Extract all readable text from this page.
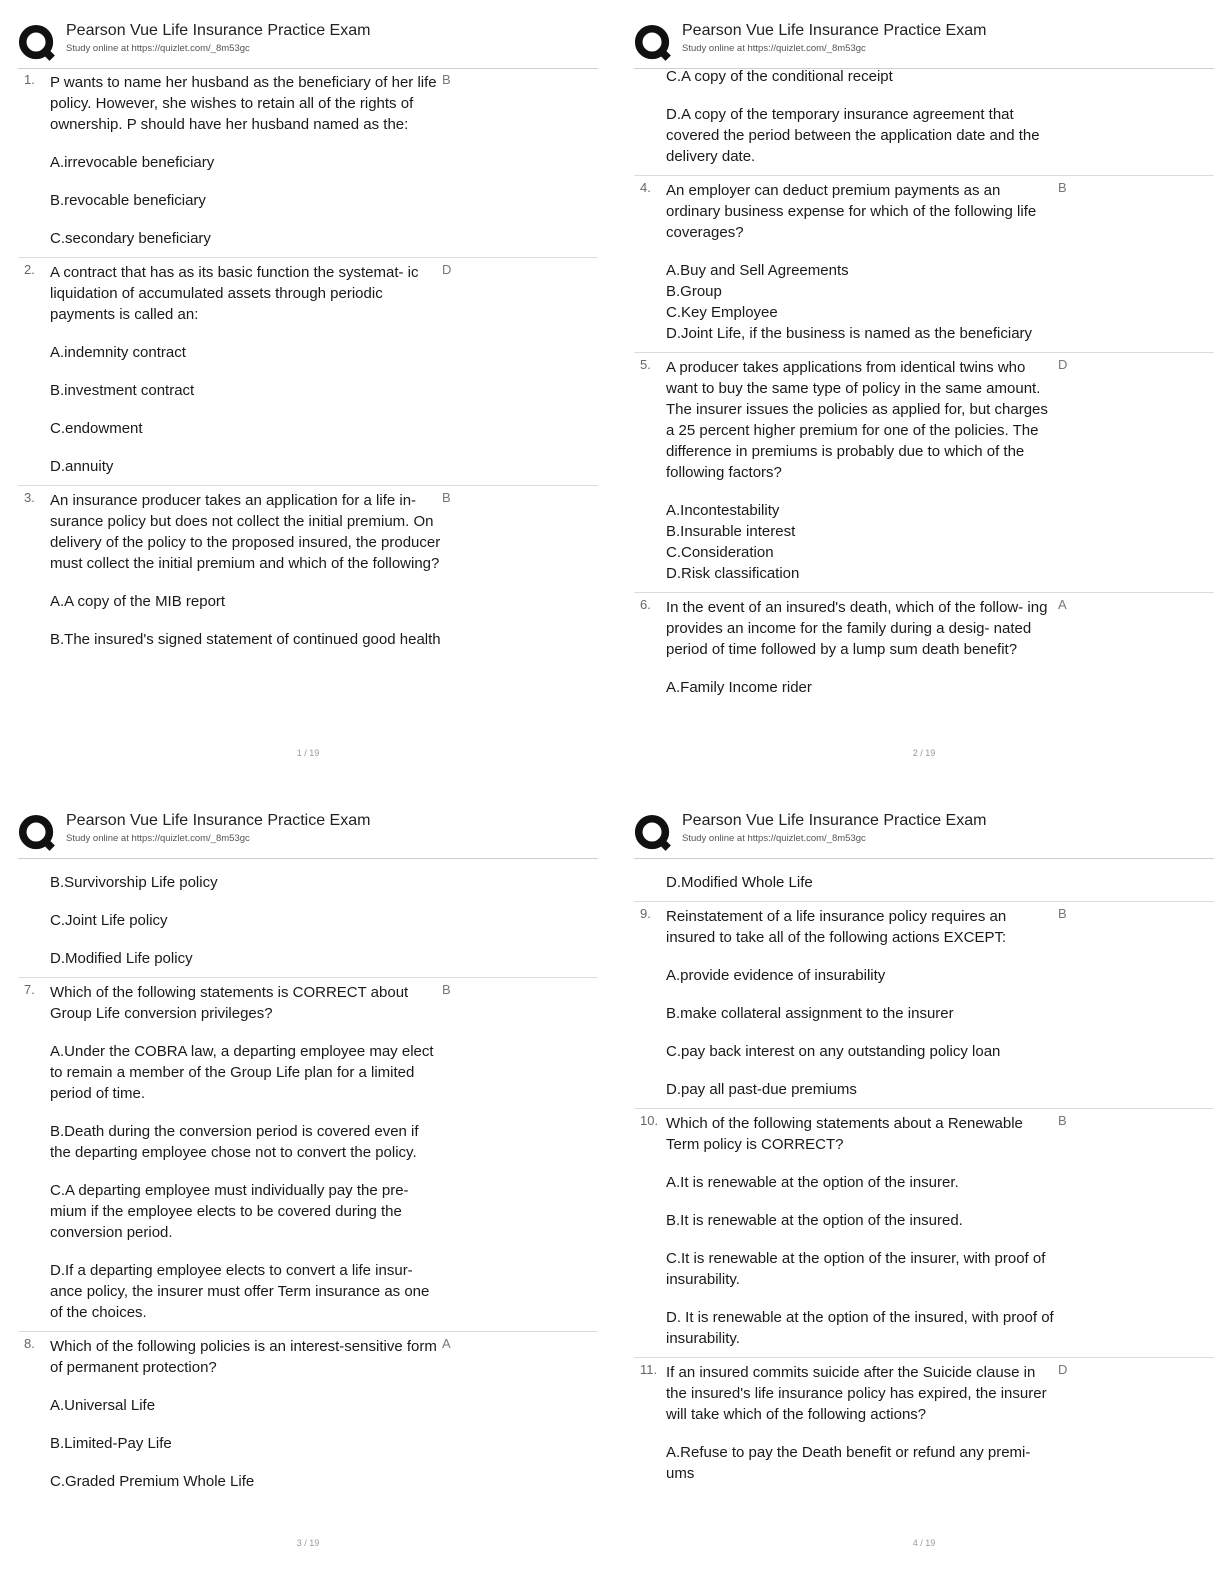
Pearson Vue Life Insurance Practice Exam
Study online at https://quizlet.com/_8m53gc
1. P wants to name her husband as the beneficiary of her life policy. However, she wishes to retain all of the rights of ownership. P should have her husband named as the:
B
A.irrevocable beneficiary
B.revocable beneficiary
C.secondary beneficiary
2. A contract that has as its basic function the systemat- ic liquidation of accumulated assets through periodic payments is called an:
D
A.indemnity contract
B.investment contract
C.endowment
D.annuity
3. An insurance producer takes an application for a life in- surance policy but does not collect the initial premium. On delivery of the policy to the proposed insured, the producer must collect the initial premium and which of the following?
B
A.A copy of the MIB report
B.The insured's signed statement of continued good health
1 / 19
Pearson Vue Life Insurance Practice Exam
Study online at https://quizlet.com/_8m53gc
C.A copy of the conditional receipt
D.A copy of the temporary insurance agreement that covered the period between the application date and the delivery date.
4. An employer can deduct premium payments as an ordinary business expense for which of the following life coverages?
B
A.Buy and Sell Agreements
B.Group
C.Key Employee
D.Joint Life, if the business is named as the beneficiary
5. A producer takes applications from identical twins who want to buy the same type of policy in the same amount. The insurer issues the policies as applied for, but charges a 25 percent higher premium for one of the policies. The difference in premiums is probably due to which of the following factors?
D
A.Incontestability
B.Insurable interest
C.Consideration
D.Risk classification
6. In the event of an insured's death, which of the follow- ing provides an income for the family during a desig- nated period of time followed by a lump sum death benefit?
A
A.Family Income rider
2 / 19
Pearson Vue Life Insurance Practice Exam
Study online at https://quizlet.com/_8m53gc
B.Survivorship Life policy
C.Joint Life policy
D.Modified Life policy
7. Which of the following statements is CORRECT about Group Life conversion privileges?
B
A.Under the COBRA law, a departing employee may elect to remain a member of the Group Life plan for a limited period of time.
B.Death during the conversion period is covered even if the departing employee chose not to convert the policy.
C.A departing employee must individually pay the pre- mium if the employee elects to be covered during the conversion period.
D.If a departing employee elects to convert a life insur- ance policy, the insurer must offer Term insurance as one of the choices.
8. Which of the following policies is an interest-sensitive form of permanent protection?
A
A.Universal Life
B.Limited-Pay Life
C.Graded Premium Whole Life
3 / 19
Pearson Vue Life Insurance Practice Exam
Study online at https://quizlet.com/_8m53gc
D.Modified Whole Life
9. Reinstatement of a life insurance policy requires an insured to take all of the following actions EXCEPT:
B
A.provide evidence of insurability
B.make collateral assignment to the insurer
C.pay back interest on any outstanding policy loan
D.pay all past-due premiums
10. Which of the following statements about a Renewable Term policy is CORRECT?
B
A.It is renewable at the option of the insurer.
B.It is renewable at the option of the insured.
C.It is renewable at the option of the insurer, with proof of insurability.
D. It is renewable at the option of the insured, with proof of insurability.
11. If an insured commits suicide after the Suicide clause in the insured's life insurance policy has expired, the insurer will take which of the following actions?
D
A.Refuse to pay the Death benefit or refund any premi- ums
4 / 19
